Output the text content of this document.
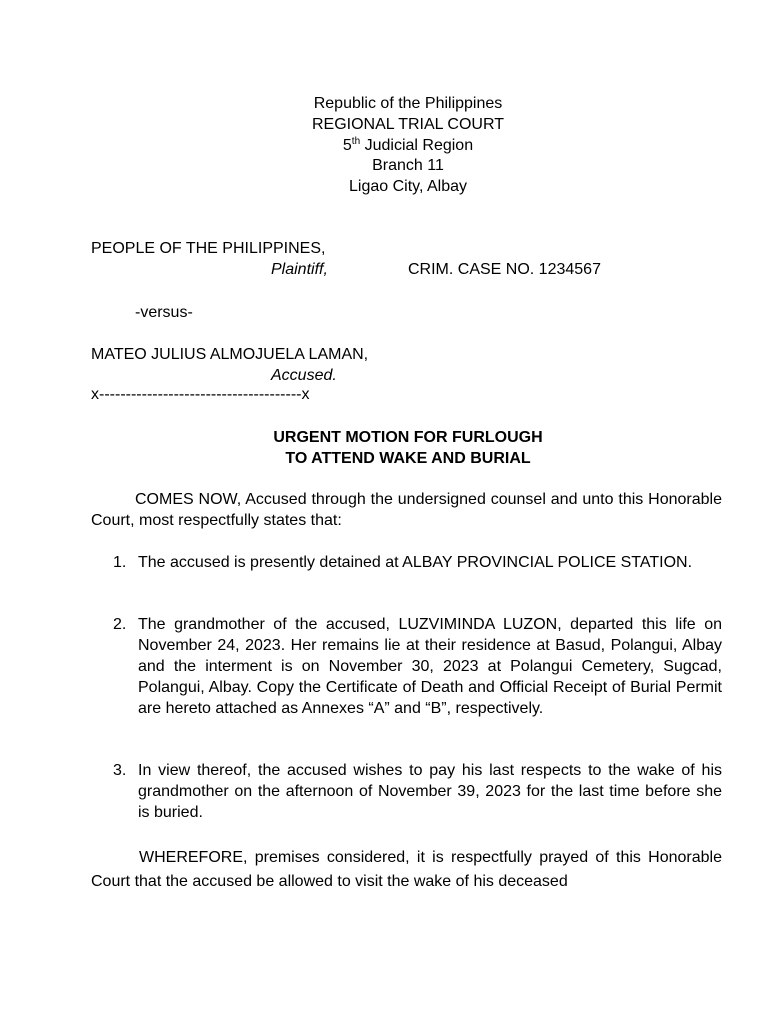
Republic of the Philippines
REGIONAL TRIAL COURT
5th Judicial Region
Branch 11
Ligao City, Albay
PEOPLE OF THE PHILIPPINES,
Plaintiff,	CRIM. CASE NO. 1234567
-versus-
MATEO JULIUS ALMOJUELA LAMAN,
Accused.
x--------------------------------------x
URGENT MOTION FOR FURLOUGH
TO ATTEND WAKE AND BURIAL
COMES NOW, Accused through the undersigned counsel and unto this Honorable Court, most respectfully states that:
1. The accused is presently detained at ALBAY PROVINCIAL POLICE STATION.
2. The grandmother of the accused, LUZVIMINDA LUZON, departed this life on November 24, 2023. Her remains lie at their residence at Basud, Polangui, Albay and the interment is on November 30, 2023 at Polangui Cemetery, Sugcad, Polangui, Albay. Copy the Certificate of Death and Official Receipt of Burial Permit are hereto attached as Annexes “A” and “B”, respectively.
3. In view thereof, the accused wishes to pay his last respects to the wake of his grandmother on the afternoon of November 39, 2023 for the last time before she is buried.
WHEREFORE, premises considered, it is respectfully prayed of this Honorable Court that the accused be allowed to visit the wake of his deceased
